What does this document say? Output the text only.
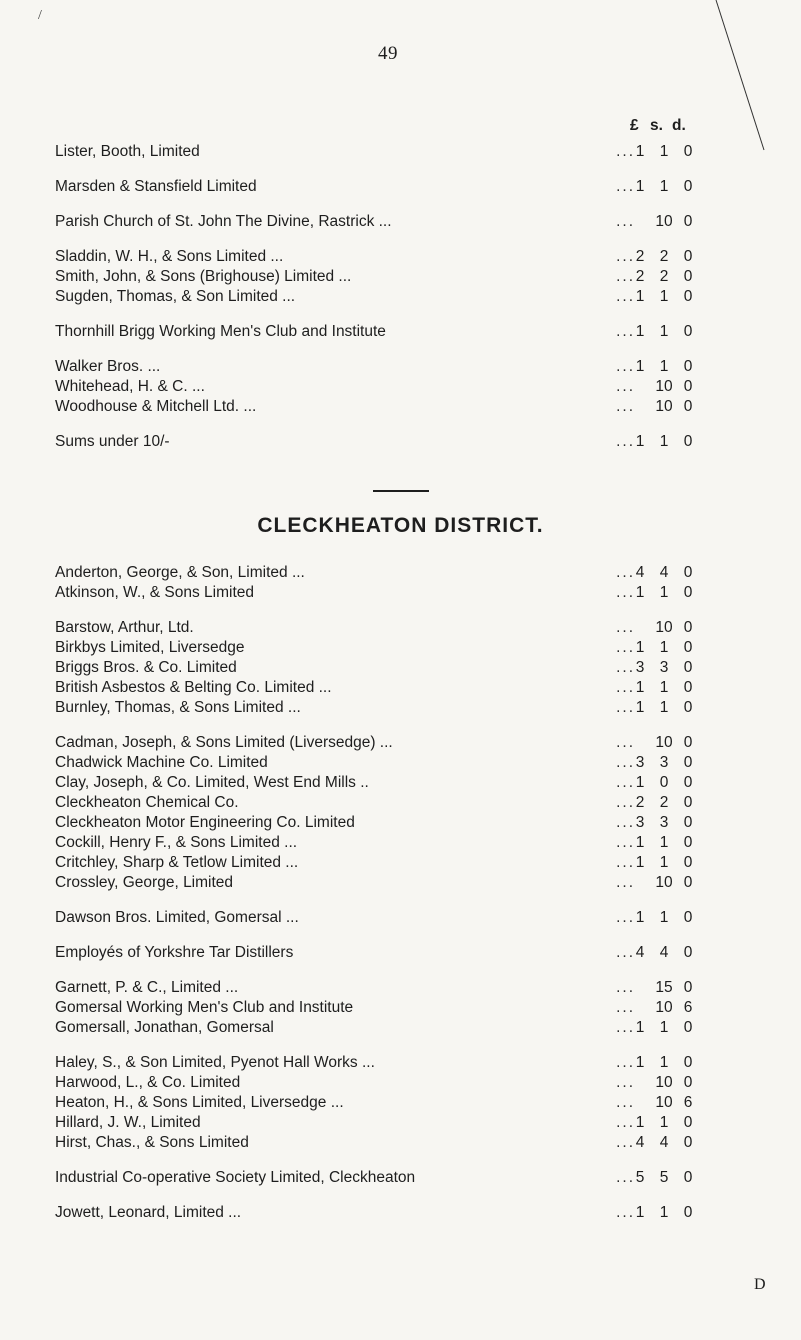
/
49
£ s. d.
Lister, Booth, Limited	... 1 1 0
Marsden & Stansfield Limited	... 1 1 0
Parish Church of St. John The Divine, Rastrick ...	... 10 0
Sladdin, W. H., & Sons Limited ...	... 2 2 0
Smith, John, & Sons (Brighouse) Limited ...	... 2 2 0
Sugden, Thomas, & Son Limited ...	... 1 1 0
Thornhill Brigg Working Men's Club and Institute	... 1 1 0
Walker Bros. ...	... 1 1 0
Whitehead, H. & C. ...	... 10 0
Woodhouse & Mitchell Ltd. ...	... 10 0
Sums under 10/-	... 1 1 0
CLECKHEATON DISTRICT.
Anderton, George, & Son, Limited ...	... 4 4 0
Atkinson, W., & Sons Limited	... 1 1 0
Barstow, Arthur, Ltd.	... 10 0
Birkbys Limited, Liversedge	... 1 1 0
Briggs Bros. & Co. Limited	... 3 3 0
British Asbestos & Belting Co. Limited ...	... 1 1 0
Burnley, Thomas, & Sons Limited ...	... 1 1 0
Cadman, Joseph, & Sons Limited (Liversedge) ...	... 10 0
Chadwick Machine Co. Limited	... 3 3 0
Clay, Joseph, & Co. Limited, West End Mills ..	... 1 0 0
Cleckheaton Chemical Co.	... 2 2 0
Cleckheaton Motor Engineering Co. Limited	... 3 3 0
Cockill, Henry F., & Sons Limited ...	... 1 1 0
Critchley, Sharp & Tetlow Limited ...	... 1 1 0
Crossley, George, Limited	... 10 0
Dawson Bros. Limited, Gomersal ...	... 1 1 0
Employés of Yorkshre Tar Distillers	... 4 4 0
Garnett, P. & C., Limited ...	... 15 0
Gomersal Working Men's Club and Institute	... 10 6
Gomersall, Jonathan, Gomersal	... 1 1 0
Haley, S., & Son Limited, Pyenot Hall Works ...	... 1 1 0
Harwood, L., & Co. Limited	... 10 0
Heaton, H., & Sons Limited, Liversedge ...	... 10 6
Hillard, J. W., Limited	... 1 1 0
Hirst, Chas., & Sons Limited	... 4 4 0
Industrial Co-operative Society Limited, Cleckheaton	... 5 5 0
Jowett, Leonard, Limited ...	... 1 1 0
D
